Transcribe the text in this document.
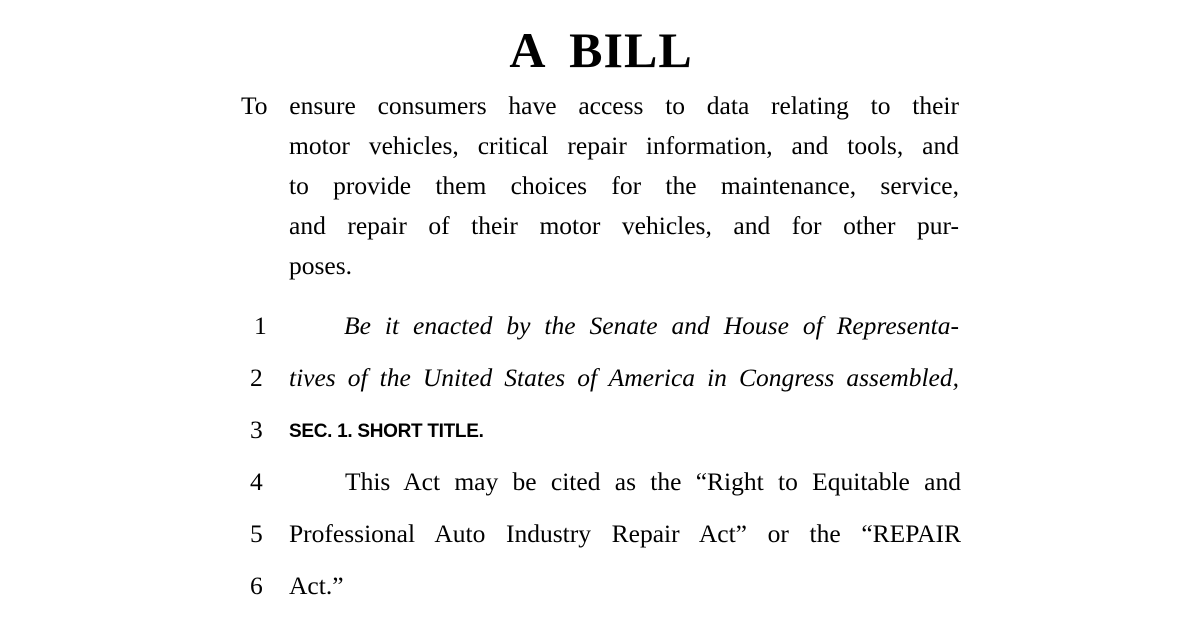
A BILL
To ensure consumers have access to data relating to their
motor vehicles, critical repair information, and tools, and
to provide them choices for the maintenance, service,
and repair of their motor vehicles, and for other pur-
poses.
1	Be it enacted by the Senate and House of Representa-
2	tives of the United States of America in Congress assembled,
3	SEC. 1. SHORT TITLE.
4	This Act may be cited as the “Right to Equitable and
5	Professional Auto Industry Repair Act” or the “REPAIR
6	Act.”
